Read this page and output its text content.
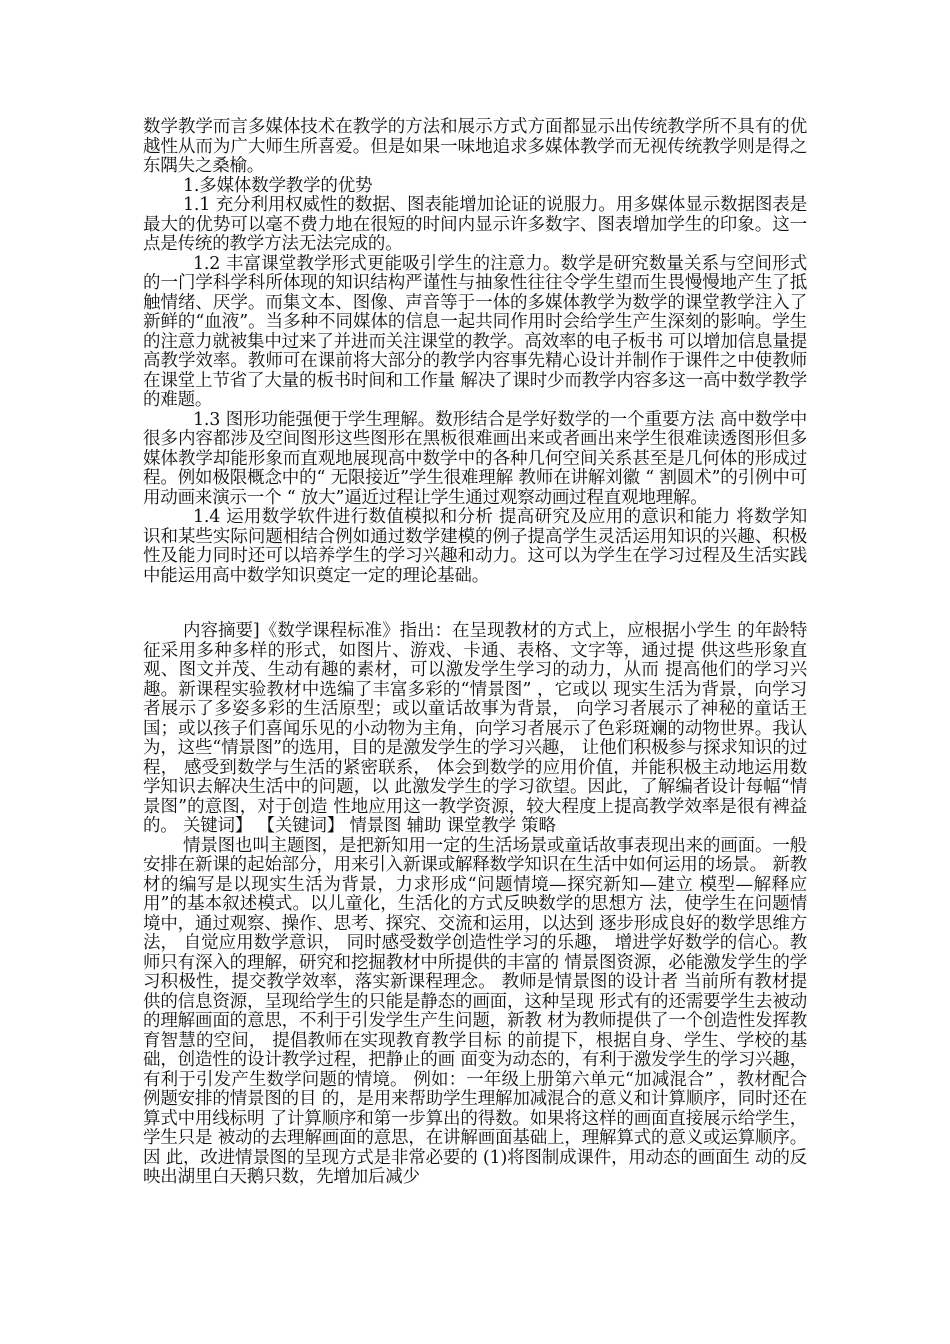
数学教学而言多媒体技术在教学的方法和展示方式方面都显示出传统教学所不具有的优越性从而为广大师生所喜爱。但是如果一味地追求多媒体教学而无视传统教学则是得之东隅失之桑榆。

1.多媒体数学教学的优势

1.1 充分利用权威性的数据、图表能增加论证的说服力。用多媒体显示数据图表是最大的优势可以毫不费力地在很短的时间内显示许多数字、图表增加学生的印象。这一点是传统的教学方法无法完成的。

1.2 丰富课堂教学形式更能吸引学生的注意力。数学是研究数量关系与空间形式的一门学科学科所体现的知识结构严谨性与抽象性往往令学生望而生畏慢慢地产生了抵触情绪、厌学。而集文本、图像、声音等于一体的多媒体教学为数学的课堂教学注入了新鲜的“血液”。当多种不同媒体的信息一起共同作用时会给学生产生深刻的影响。学生的注意力就被集中过来了并进而关注课堂的教学。高效率的电子板书 可以增加信息量提高教学效率。教师可在课前将大部分的教学内容事先精心设计并制作于课件之中使教师在课堂上节省了大量的板书时间和工作量 解决了课时少而教学内容多这一高中数学教学的难题。

1.3 图形功能强便于学生理解。数形结合是学好数学的一个重要方法 高中数学中很多内容都涉及空间图形这些图形在黑板很难画出来或者画出来学生很难读透图形但多媒体教学却能形象而直观地展现高中数学中的各种几何空间关系甚至是几何体的形成过程。例如极限概念中的“ 无限接近”学生很难理解 教师在讲解刘徽 “ 割圆术”的引例中可用动画来演示一个 “ 放大”逼近过程让学生通过观察动画过程直观地理解。

1.4 运用数学软件进行数值模拟和分析 提高研究及应用的意识和能力 将数学知识和某些实际问题相结合例如通过数学建模的例子提高学生灵活运用知识的兴趣、积极性及能力同时还可以培养学生的学习兴趣和动力。这可以为学生在学习过程及生活实践中能运用高中数学知识奠定一定的理论基础。

内容摘要]《数学课程标准》指出：在呈现教材的方式上，应根据小学生 的年龄特征采用多种多样的形式，如图片、游戏、卡通、表格、文字等，通过提 供这些形象直观、图文并茂、生动有趣的素材，可以激发学生学习的动力，从而 提高他们的学习兴趣。新课程实验教材中选编了丰富多彩的“情景图” ，它或以 现实生活为背景，向学习者展示了多姿多彩的生活原型；或以童话故事为背景， 向学习者展示了神秘的童话王国；或以孩子们喜闻乐见的小动物为主角，向学习者展示了色彩斑斓的动物世界。我认为，这些“情景图”的选用，目的是激发学生的学习兴趣， 让他们积极参与探求知识的过程， 感受到数学与生活的紧密联系， 体会到数学的应用价值，并能积极主动地运用数学知识去解决生活中的问题，以 此激发学生的学习欲望。因此，了解编者设计每幅“情景图”的意图，对于创造 性地应用这一教学资源，较大程度上提高教学效率是很有裨益的。 关键词】 【关键词】 情景图 辅助 课堂教学 策略

情景图也叫主题图，是把新知用一定的生活场景或童话故事表现出来的画面。一般安排在新课的起始部分，用来引入新课或解释数学知识在生活中如何运用的场景。 新教材的编写是以现实生活为背景，力求形成“问题情境—探究新知—建立 模型—解释应用”的基本叙述模式。以儿童化，生活化的方式反映数学的思想方 法，使学生在问题情境中，通过观察、操作、思考、探究、交流和运用，以达到 逐步形成良好的数学思维方法， 自觉应用数学意识， 同时感受数学创造性学习的乐趣， 增进学好数学的信心。教师只有深入的理解，研究和挖掘教材中所提供的丰富的 情景图资源，必能激发学生的学习积极性，提交教学效率，落实新课程理念。 教师是情景图的设计者 当前所有教材提供的信息资源，呈现给学生的只能是静态的画面，这种呈现 形式有的还需要学生去被动的理解画面的意思，不利于引发学生产生问题，新教 材为教师提供了一个创造性发挥教育智慧的空间， 提倡教师在实现教育教学目标 的前提下，根据自身、学生、学校的基础，创造性的设计教学过程，把静止的画 面变为动态的，有利于激发学生的学习兴趣，有利于引发产生数学问题的情境。 例如：一年级上册第六单元“加减混合” ，教材配合例题安排的情景图的目 的，是用来帮助学生理解加减混合的意义和计算顺序，同时还在算式中用线标明 了计算顺序和第一步算出的得数。如果将这样的画面直接展示给学生，学生只是 被动的去理解画面的意思，在讲解画面基础上，理解算式的意义或运算顺序。因 此，改进情景图的呈现方式是非常必要的 (1)将图制成课件，用动态的画面生 动的反映出湖里白天鹅只数，先增加后减少
